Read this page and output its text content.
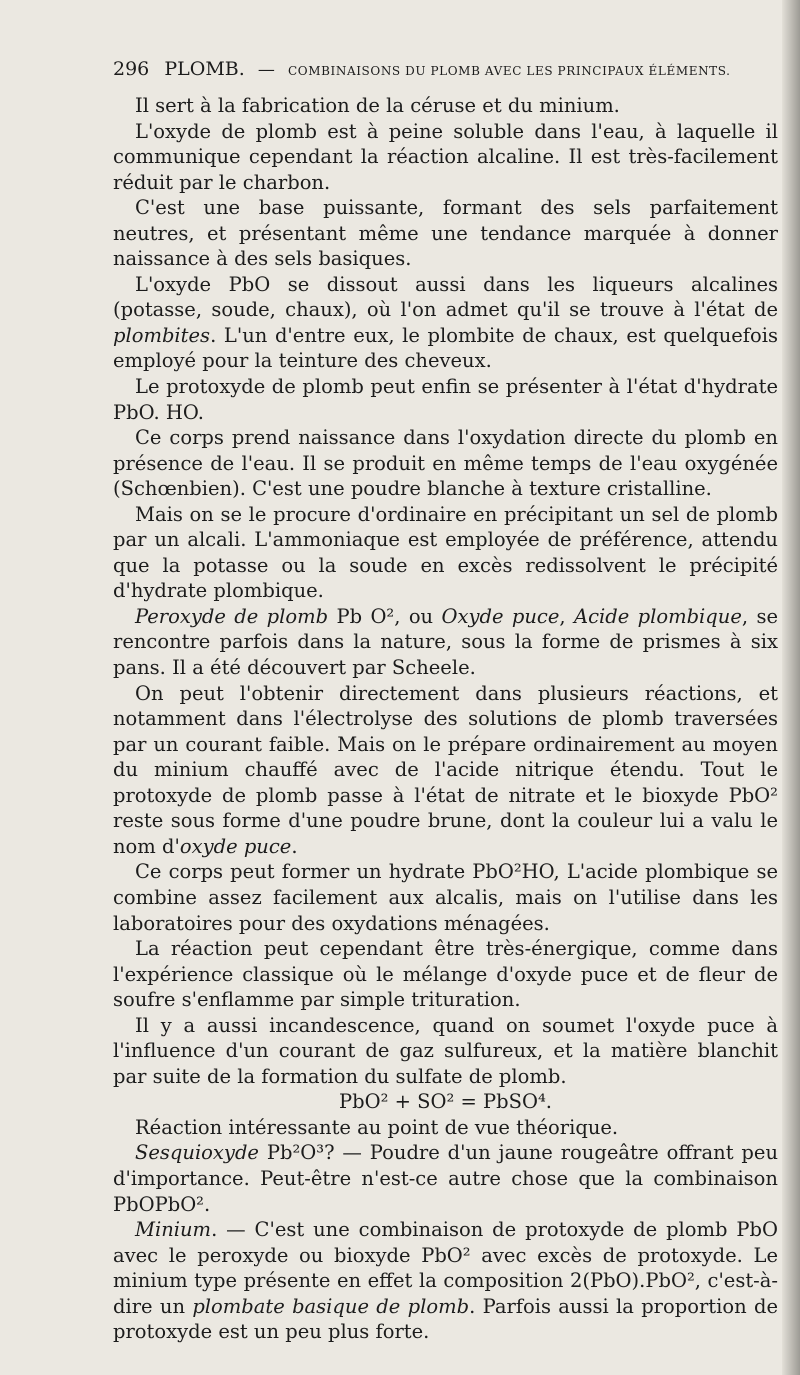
296 PLOMB. — COMBINAISONS DU PLOMB AVEC LES PRINCIPAUX ÉLÉMENTS.

Il sert à la fabrication de la céruse et du minium.

L'oxyde de plomb est à peine soluble dans l'eau, à laquelle il communique cependant la réaction alcaline. Il est très-facilement réduit par le charbon.

C'est une base puissante, formant des sels parfaitement neutres, et présentant même une tendance marquée à donner naissance à des sels basiques.

L'oxyde PbO se dissout aussi dans les liqueurs alcalines (potasse, soude, chaux), où l'on admet qu'il se trouve à l'état de plombites. L'un d'entre eux, le plombite de chaux, est quelquefois employé pour la teinture des cheveux.

Le protoxyde de plomb peut enfin se présenter à l'état d'hydrate PbO. HO.

Ce corps prend naissance dans l'oxydation directe du plomb en présence de l'eau. Il se produit en même temps de l'eau oxygénée (Schœnbien). C'est une poudre blanche à texture cristalline.

Mais on se le procure d'ordinaire en précipitant un sel de plomb par un alcali. L'ammoniaque est employée de préférence, attendu que la potasse ou la soude en excès redissolvent le précipité d'hydrate plombique.

Peroxyde de plomb Pb O², ou Oxyde puce, Acide plombique, se rencontre parfois dans la nature, sous la forme de prismes à six pans. Il a été découvert par Scheele.

On peut l'obtenir directement dans plusieurs réactions, et notamment dans l'électrolyse des solutions de plomb traversées par un courant faible. Mais on le prépare ordinairement au moyen du minium chauffé avec de l'acide nitrique étendu. Tout le protoxyde de plomb passe à l'état de nitrate et le bioxyde PbO² reste sous forme d'une poudre brune, dont la couleur lui a valu le nom d'oxyde puce.

Ce corps peut former un hydrate PbO²HO, L'acide plombique se combine assez facilement aux alcalis, mais on l'utilise dans les laboratoires pour des oxydations ménagées.

La réaction peut cependant être très-énergique, comme dans l'expérience classique où le mélange d'oxyde puce et de fleur de soufre s'enflamme par simple trituration.

Il y a aussi incandescence, quand on soumet l'oxyde puce à l'influence d'un courant de gaz sulfureux, et la matière blanchit par suite de la formation du sulfate de plomb.

PbO² + SO² = PbSO⁴.

Réaction intéressante au point de vue théorique.

Sesquioxyde Pb²O³? — Poudre d'un jaune rougeâtre offrant peu d'importance. Peut-être n'est-ce autre chose que la combinaison PbOPbO².

Minium. — C'est une combinaison de protoxyde de plomb PbO avec le peroxyde ou bioxyde PbO² avec excès de protoxyde. Le minium type présente en effet la composition 2(PbO).PbO², c'est-à-dire un plombate basique de plomb. Parfois aussi la proportion de protoxyde est un peu plus forte.
